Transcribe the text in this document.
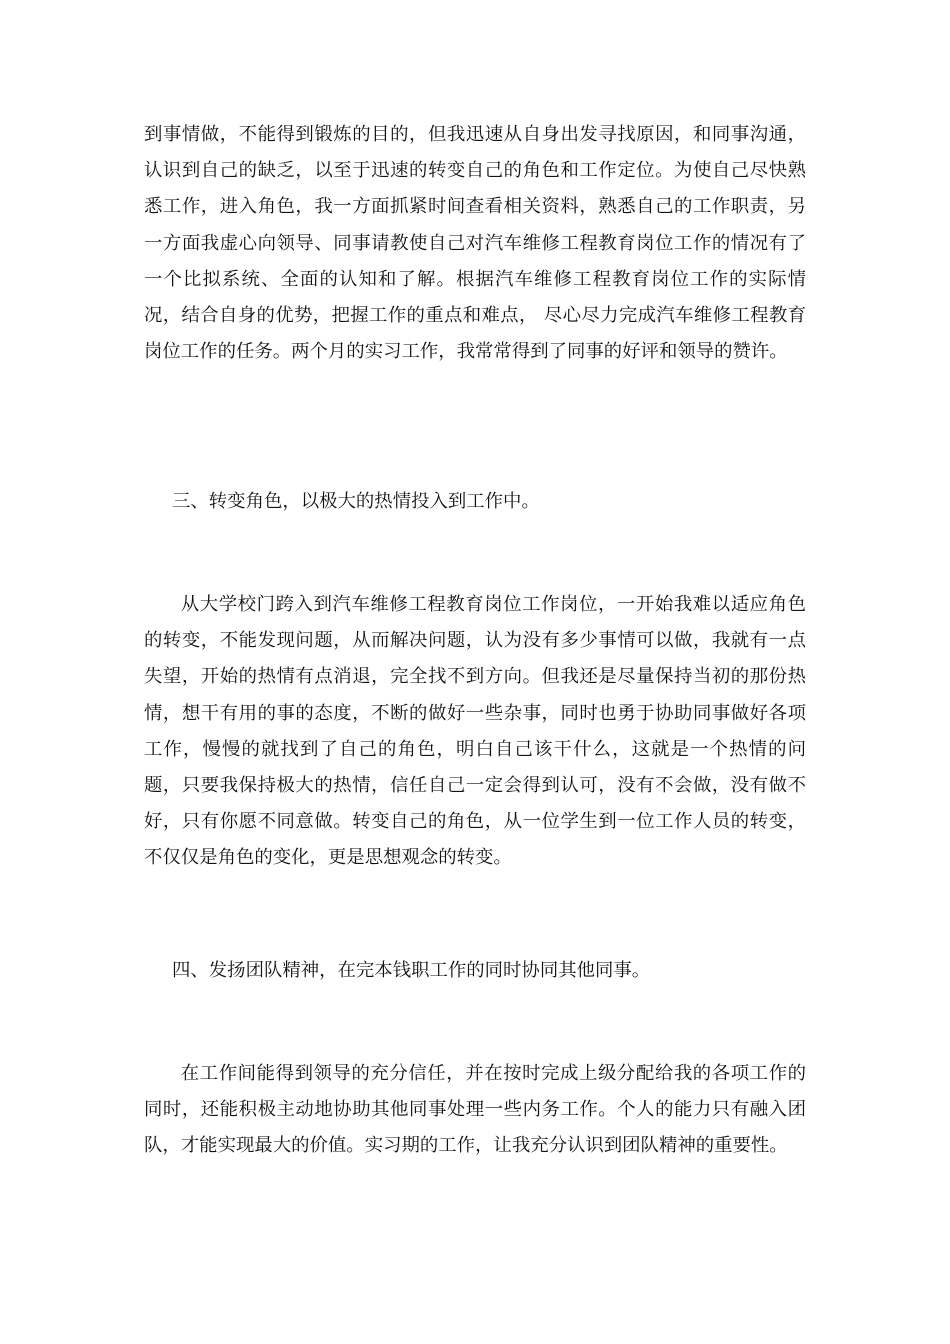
到事情做，不能得到锻炼的目的，但我迅速从自身出发寻找原因，和同事沟通，认识到自己的缺乏，以至于迅速的转变自己的角色和工作定位。为使自己尽快熟悉工作，进入角色，我一方面抓紧时间查看相关资料，熟悉自己的工作职责，另一方面我虚心向领导、同事请教使自己对汽车维修工程教育岗位工作的情况有了一个比拟系统、全面的认知和了解。根据汽车维修工程教育岗位工作的实际情况，结合自身的优势，把握工作的重点和难点， 尽心尽力完成汽车维修工程教育岗位工作的任务。两个月的实习工作，我常常得到了同事的好评和领导的赞许。

三、转变角色，以极大的热情投入到工作中。

从大学校门跨入到汽车维修工程教育岗位工作岗位，一开始我难以适应角色的转变，不能发现问题，从而解决问题，认为没有多少事情可以做，我就有一点失望，开始的热情有点消退，完全找不到方向。但我还是尽量保持当初的那份热情，想干有用的事的态度，不断的做好一些杂事，同时也勇于协助同事做好各项工作，慢慢的就找到了自己的角色，明白自己该干什么，这就是一个热情的问题，只要我保持极大的热情，信任自己一定会得到认可，没有不会做，没有做不好，只有你愿不同意做。转变自己的角色，从一位学生到一位工作人员的转变，不仅仅是角色的变化，更是思想观念的转变。

四、发扬团队精神，在完本钱职工作的同时协同其他同事。

在工作间能得到领导的充分信任，并在按时完成上级分配给我的各项工作的同时，还能积极主动地协助其他同事处理一些内务工作。个人的能力只有融入团队，才能实现最大的价值。实习期的工作，让我充分认识到团队精神的重要性。
